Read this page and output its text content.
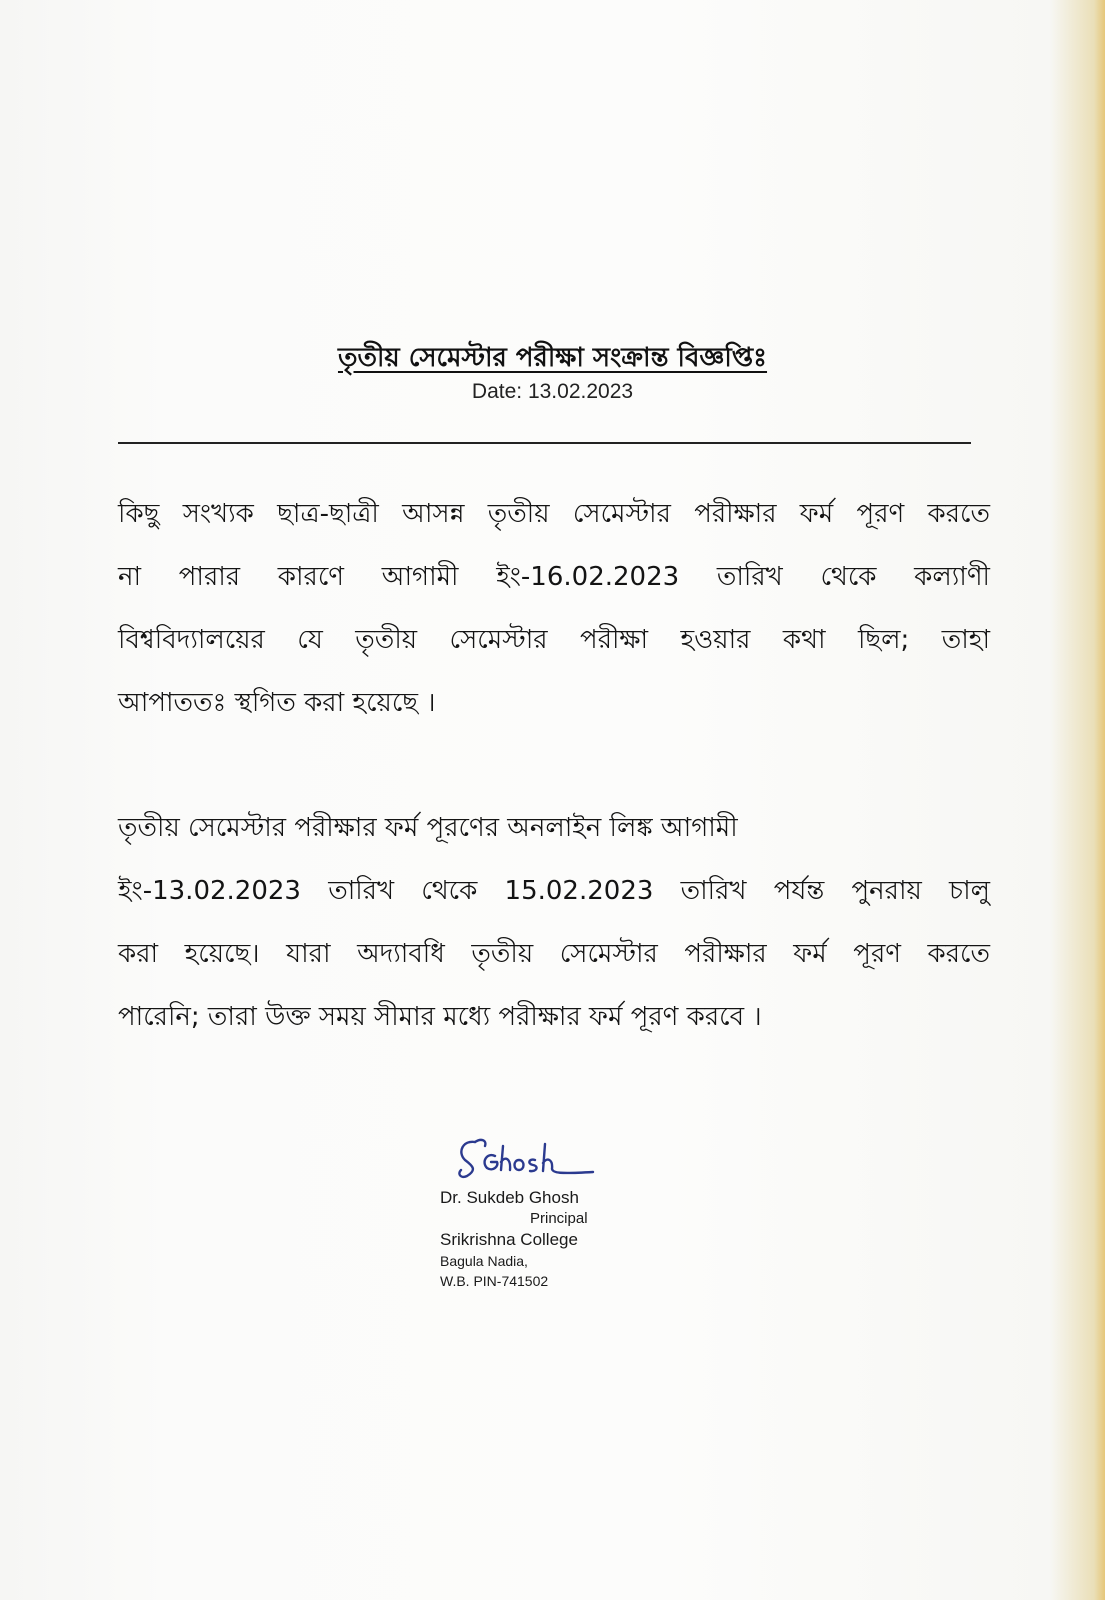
তৃতীয় সেমেস্টার পরীক্ষা সংক্রান্ত বিজ্ঞপ্তিঃ
Date: 13.02.2023
কিছু সংখ্যক ছাত্র-ছাত্রী আসন্ন তৃতীয় সেমেস্টার পরীক্ষার ফর্ম পূরণ করতে
না পারার কারণে আগামী ইং-16.02.2023 তারিখ থেকে কল্যাণী
বিশ্ববিদ্যালয়ের যে তৃতীয় সেমেস্টার পরীক্ষা হওয়ার কথা ছিল; তাহা
আপাততঃ স্থগিত করা হয়েছে ।
তৃতীয় সেমেস্টার পরীক্ষার ফর্ম পূরণের অনলাইন লিঙ্ক আগামী
ইং-13.02.2023 তারিখ থেকে 15.02.2023 তারিখ পর্যন্ত পুনরায় চালু
করা হয়েছে। যারা অদ্যাবধি তৃতীয় সেমেস্টার পরীক্ষার ফর্ম পূরণ করতে
পারেনি; তারা উক্ত সময় সীমার মধ্যে পরীক্ষার ফর্ম পূরণ করবে ।

Dr. Sukdeb Ghosh

Principal

Srikrishna College

Bagula Nadia,

W.B. PIN-741502
